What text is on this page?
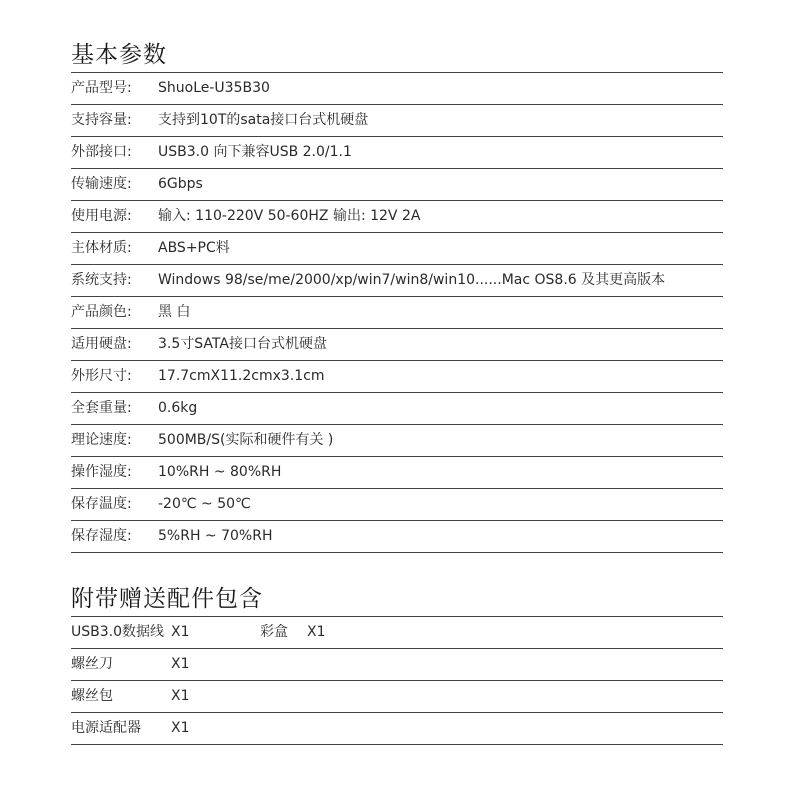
基本参数
产品型号: ShuoLe-U35B30
支持容量: 支持到10T的sata接口台式机硬盘
外部接口: USB3.0 向下兼容USB 2.0/1.1
传输速度: 6Gbps
使用电源: 输入: 110-220V 50-60HZ 输出: 12V 2A
主体材质: ABS+PC料
系统支持: Windows 98/se/me/2000/xp/win7/win8/win10......Mac OS8.6 及其更高版本
产品颜色: 黑 白
适用硬盘: 3.5寸SATA接口台式机硬盘
外形尺寸: 17.7cmX11.2cmx3.1cm
全套重量: 0.6kg
理论速度: 500MB/S(实际和硬件有关 )
操作湿度: 10%RH ~ 80%RH
保存温度: -20℃ ~ 50℃
保存湿度: 5%RH ~ 70%RH
附带赠送配件包含
USB3.0数据线 X1	彩盒 X1
螺丝刀	X1
螺丝包	X1
电源适配器 X1
